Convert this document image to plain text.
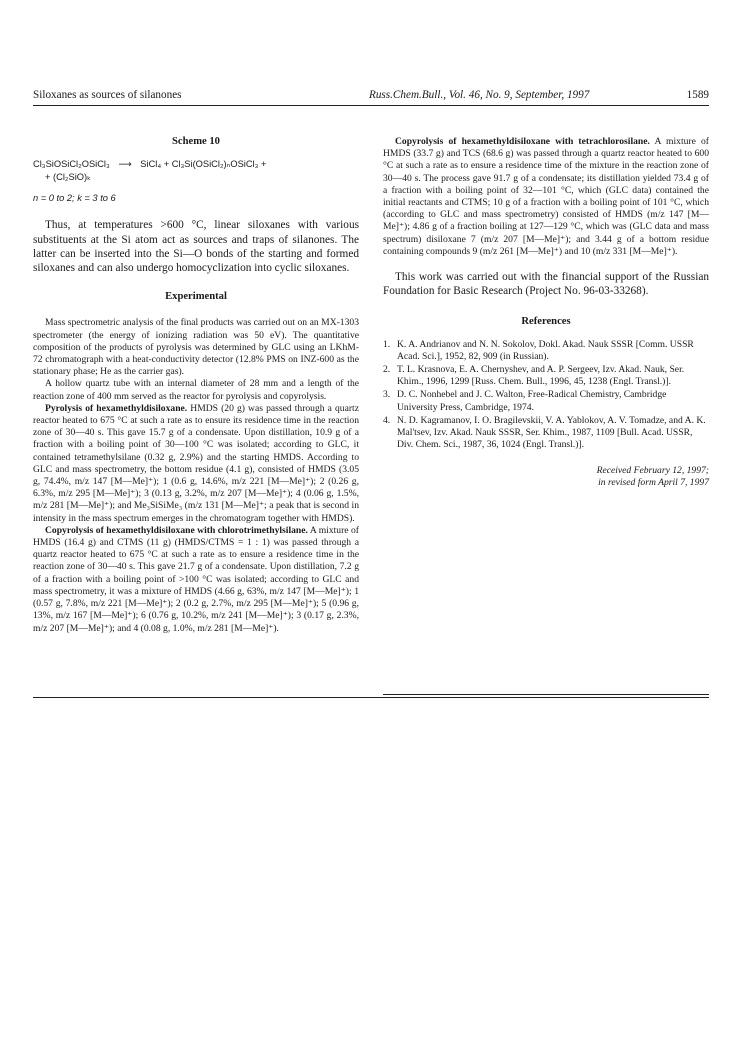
Siloxanes as sources of silanones	Russ.Chem.Bull., Vol. 46, No. 9, September, 1997	1589

Scheme 10

Cl₃SiOSiCl₂OSiCl₃ ⟶ SiCl₄ + Cl₃Si(OSiCl₂)ₙOSiCl₃ +
+ (Cl₂SiO)ₖ
n = 0 to 2; k = 3 to 6

Thus, at temperatures >600 °C, linear siloxanes with various substituents at the Si atom act as sources and traps of silanones. The latter can be inserted into the Si—O bonds of the starting and formed siloxanes and can also undergo homocyclization into cyclic siloxanes.

Experimental

Mass spectrometric analysis of the final products was carried out on an MX-1303 spectrometer (the energy of ionizing radiation was 50 eV). The quantitative composition of the products of pyrolysis was determined by GLC using an LKhM-72 chromatograph with a heat-conductivity detector (12.8% PMS on INZ-600 as the stationary phase; He as the carrier gas).

A hollow quartz tube with an internal diameter of 28 mm and a length of the reaction zone of 400 mm served as the reactor for pyrolysis and copyrolysis.

Pyrolysis of hexamethyldisiloxane. HMDS (20 g) was passed through a quartz reactor heated to 675 °C at such a rate as to ensure its residence time in the reaction zone of 30—40 s. This gave 15.7 g of a condensate. Upon distillation, 10.9 g of a fraction with a boiling point of 30—100 °C was isolated; according to GLC, it contained tetramethylsilane (0.32 g, 2.9%) and the starting HMDS. According to GLC and mass spectrometry, the bottom residue (4.1 g), consisted of HMDS (3.05 g, 74.4%, m/z 147 [M—Me]⁺); 1 (0.6 g, 14.6%, m/z 221 [M—Me]⁺); 2 (0.26 g, 6.3%, m/z 295 [M—Me]⁺); 3 (0.13 g, 3.2%, m/z 207 [M—Me]⁺); 4 (0.06 g, 1.5%, m/z 281 [M—Me]⁺); and Me₃SiSiMe₃ (m/z 131 [M—Me]⁺; a peak that is second in intensity in the mass spectrum emerges in the chromatogram together with HMDS).

Copyrolysis of hexamethyldisiloxane with chlorotrimethylsilane. A mixture of HMDS (16.4 g) and CTMS (11 g) (HMDS/CTMS = 1 : 1) was passed through a quartz reactor heated to 675 °C at such a rate as to ensure a residence time in the reaction zone of 30—40 s. This gave 21.7 g of a condensate. Upon distillation, 7.2 g of a fraction with a boiling point of >100 °C was isolated; according to GLC and mass spectrometry, it was a mixture of HMDS (4.66 g, 63%, m/z 147 [M—Me]⁺); 1 (0.57 g, 7.8%, m/z 221 [M—Me]⁺); 2 (0.2 g, 2.7%, m/z 295 [M—Me]⁺); 5 (0.96 g, 13%, m/z 167 [M—Me]⁺); 6 (0.76 g, 10.2%, m/z 241 [M—Me]⁺); 3 (0.17 g, 2.3%, m/z 207 [M—Me]⁺); and 4 (0.08 g, 1.0%, m/z 281 [M—Me]⁺).

Copyrolysis of hexamethyldisiloxane with tetrachlorosilane. A mixture of HMDS (33.7 g) and TCS (68.6 g) was passed through a quartz reactor heated to 600 °C at such a rate as to ensure a residence time of the mixture in the reaction zone of 30—40 s. The process gave 91.7 g of a condensate; its distillation yielded 73.4 g of a fraction with a boiling point of 32—101 °C, which (GLC data) contained the initial reactants and CTMS; 10 g of a fraction with a boiling point of 101 °C, which (according to GLC and mass spectrometry) consisted of HMDS (m/z 147 [M—Me]⁺); 4.86 g of a fraction boiling at 127—129 °C, which was (GLC data and mass spectrum) disiloxane 7 (m/z 207 [M—Me]⁺); and 3.44 g of a bottom residue containing compounds 9 (m/z 261 [M—Me]⁺) and 10 (m/z 331 [M—Me]⁺).

This work was carried out with the financial support of the Russian Foundation for Basic Research (Project No. 96-03-33268).

References

1. K. A. Andrianov and N. N. Sokolov, Dokl. Akad. Nauk SSSR [Comm. USSR Acad. Sci.], 1952, 82, 909 (in Russian).
2. T. L. Krasnova, E. A. Chernyshev, and A. P. Sergeev, Izv. Akad. Nauk, Ser. Khim., 1996, 1299 [Russ. Chem. Bull., 1996, 45, 1238 (Engl. Transl.)].
3. D. C. Nonhebel and J. C. Walton, Free-Radical Chemistry, Cambridge University Press, Cambridge, 1974.
4. N. D. Kagramanov, I. O. Bragilevskii, V. A. Yablokov, A. V. Tomadze, and A. K. Mal'tsev, Izv. Akad. Nauk SSSR, Ser. Khim., 1987, 1109 [Bull. Acad. USSR, Div. Chem. Sci., 1987, 36, 1024 (Engl. Transl.)].
Received February 12, 1997;
in revised form April 7, 1997
